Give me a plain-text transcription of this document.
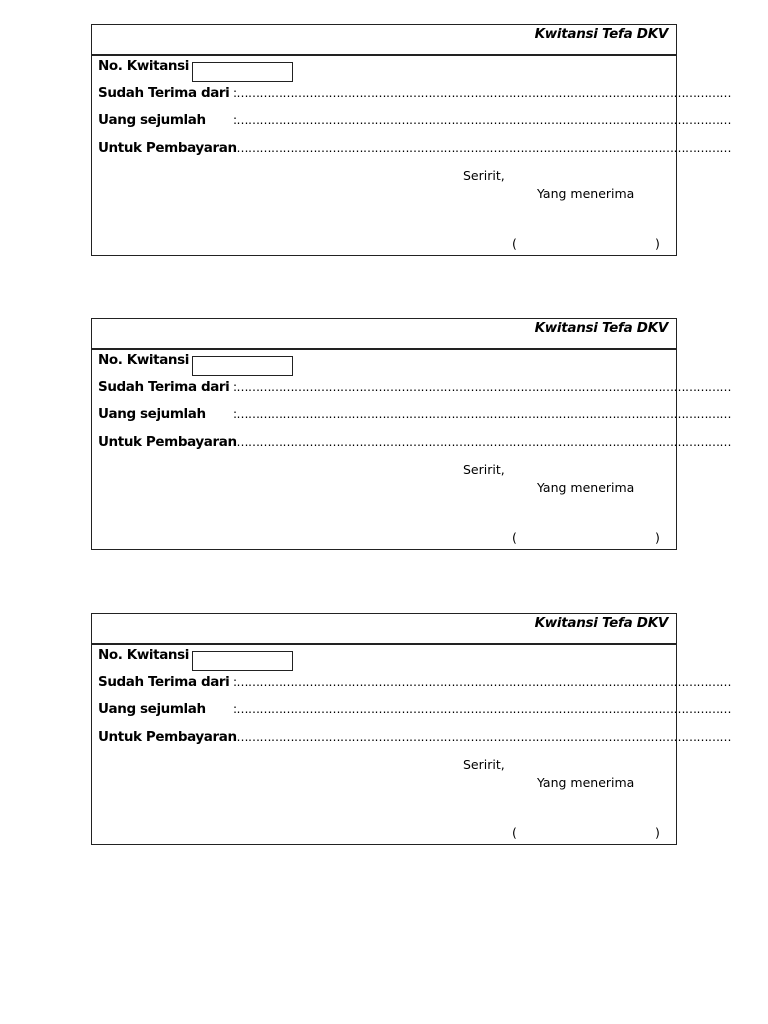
Kwitansi Tefa DKV
No. Kwitansi
Sudah Terima dari :…………………………………………………………………………………………………………………
Uang sejumlah :…………………………………………………………………………………………………………………
Untuk Pembayaran
:…………………………………………………………………………………………………………………
Seririt,
Yang menerima
(	)
Kwitansi Tefa DKV
No. Kwitansi
Sudah Terima dari :…………………………………………………………………………………………………………………
Uang sejumlah :…………………………………………………………………………………………………………………
Untuk Pembayaran
:…………………………………………………………………………………………………………………
Seririt,
Yang menerima
(	)
Kwitansi Tefa DKV
No. Kwitansi
Sudah Terima dari :…………………………………………………………………………………………………………………
Uang sejumlah :…………………………………………………………………………………………………………………
Untuk Pembayaran
:…………………………………………………………………………………………………………………
Seririt,
Yang menerima
(	)
